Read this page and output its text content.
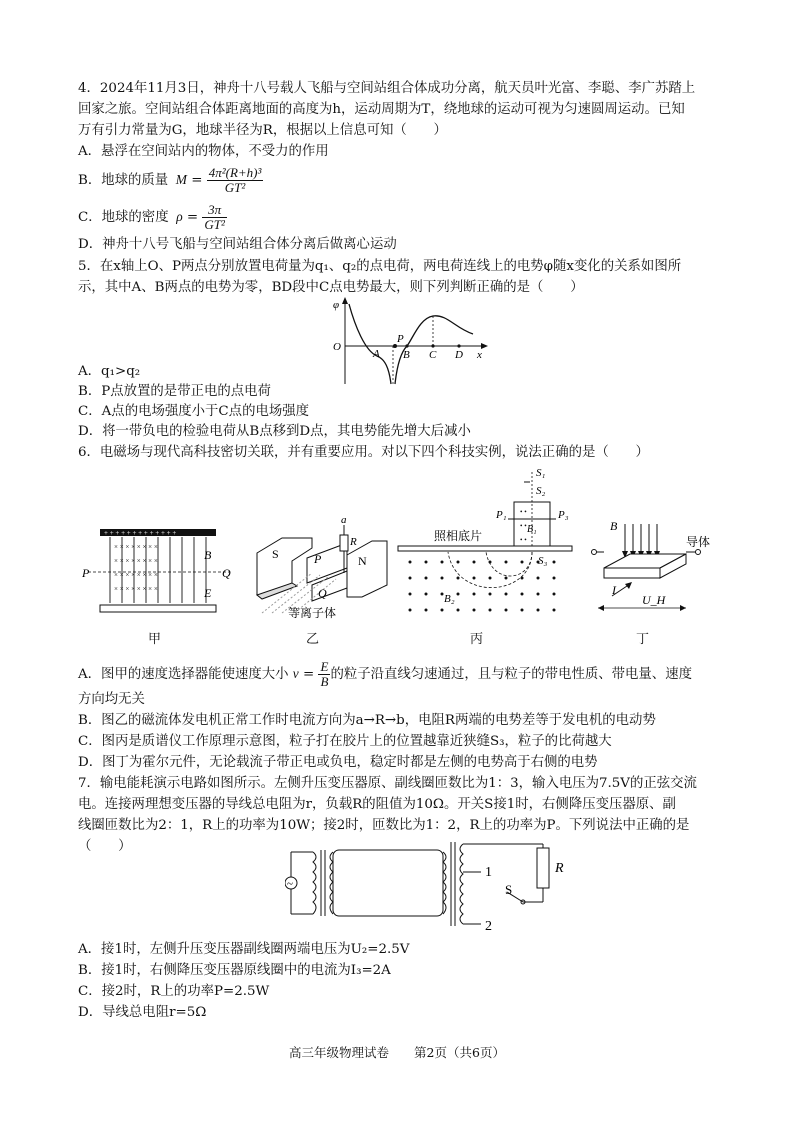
4．2024年11月3日，神舟十八号载人飞船与空间站组合体成功分离，航天员叶光富、李聪、李广苏踏上
回家之旅。空间站组合体距离地面的高度为h，运动周期为T，绕地球的运动可视为匀速圆周运动。已知
万有引力常量为G，地球半径为R，根据以上信息可知（　　）
A．悬浮在空间站内的物体，不受力的作用
B．地球的质量  $M = \frac{\text{4π²(R+h)³}}{\text{GT²}}$
C．地球的密度  $\rho = \frac{3\pi}{\text{GT²}}$
D．神舟十八号飞船与空间站组合体分离后做离心运动
5．在x轴上O、P两点分别放置电荷量为q₁、q₂的点电荷，两电荷连线上的电势φ随x变化的关系如图所
示，其中A、B两点的电势为零，BD段中C点电势最大，则下列判断正确的是（　　）
φ
O
A
P
B C D x
A．q₁>q₂
B．P点放置的是带正电的点电荷
C．A点的电场强度小于C点的电场强度
D．将一带负电的检验电荷从B点移到D点，其电势能先增大后减小
6．电磁场与现代高科技密切关联，并有重要应用。对以下四个科技实例，说法正确的是（　　）
+ + + + + + + + + + + + +
× × × × × × × ×
× × × × × × × ×
× × × × × × × ×
× × × × × × × ×
P	Q
B
E
甲
a
R
S	P	N
Q
等离子体
乙
• •
• •
• •
S₁
S₂
P₁	P₃
B₁
照相底片
S₃
B₂
丙
B
导体
I
U_H
丁
A．图甲的速度选择器能使速度大小 $v = \frac{E}{B}$ 的粒子沿直线匀速通过，且与粒子的带电性质、带电量、速度
方向均无关
B．图乙的磁流体发电机正常工作时电流方向为a→R→b，电阻R两端的电势差等于发电机的电动势
C．图丙是质谱仪工作原理示意图，粒子打在胶片上的位置越靠近狭缝S₃，粒子的比荷越大
D．图丁为霍尔元件，无论载流子带正电或负电，稳定时都是左侧的电势高于右侧的电势
7．输电能耗演示电路如图所示。左侧升压变压器原、副线圈匝数比为1：3，输入电压为7.5V的正弦交流
电。连接两理想变压器的导线总电阻为r，负载R的阻值为10Ω。开关S接1时，右侧降压变压器原、副
线圈匝数比为2：1，R上的功率为10W；接2时，匝数比为1：2，R上的功率为P。下列说法中正确的是
（　　）
~
1
2
S
R
A．接1时，左侧升压变压器副线圈两端电压为U₂=2.5V
B．接1时，右侧降压变压器原线圈中的电流为I₃=2A
C．接2时，R上的功率P=2.5W
D．导线总电阻r=5Ω
高三年级物理试卷　　第2页（共6页）
